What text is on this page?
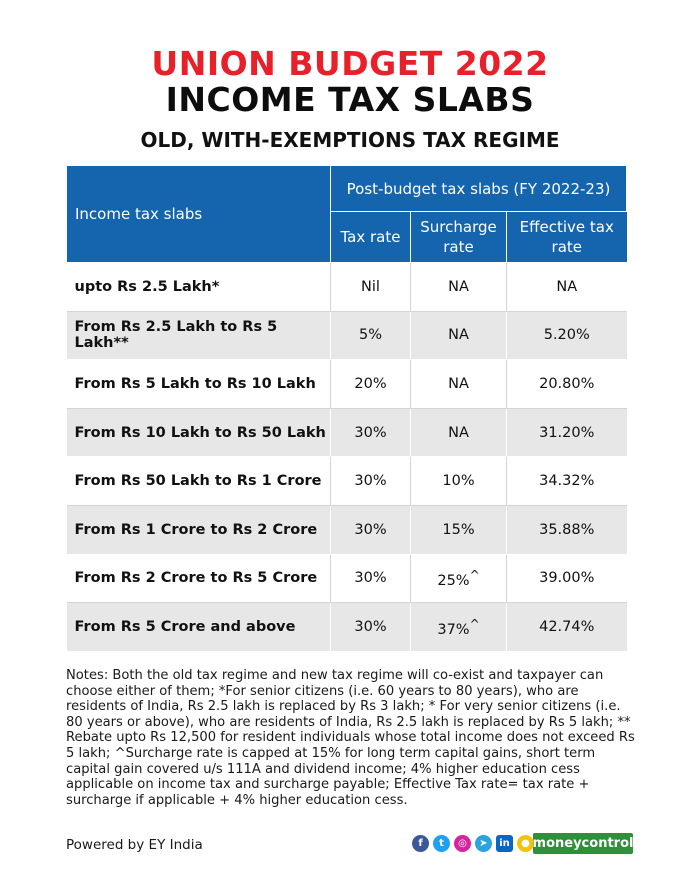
UNION BUDGET 2022
INCOME TAX SLABS
OLD, WITH-EXEMPTIONS TAX REGIME
Income tax slabs	Post-budget tax slabs (FY 2022-23)		
	Tax rate	Surcharge rate	Effective tax rate
upto Rs 2.5 Lakh*	Nil	NA	NA
From Rs 2.5 Lakh to Rs 5 Lakh**	5%	NA	5.20%
From Rs 5 Lakh to Rs 10 Lakh	20%	NA	20.80%
From Rs 10 Lakh to Rs 50 Lakh	30%	NA	31.20%
From Rs 50 Lakh to Rs 1 Crore	30%	10%	34.32%
From Rs 1 Crore to Rs 2 Crore	30%	15%	35.88%
From Rs 2 Crore to Rs 5 Crore	30%	25%^	39.00%
From Rs 5 Crore and above	30%	37%^	42.74%
Notes: Both the old tax regime and new tax regime will co-exist and taxpayer can choose either of them; *For senior citizens (i.e. 60 years to 80 years), who are residents of India, Rs 2.5 lakh is replaced by Rs 3 lakh; * For very senior citizens (i.e. 80 years or above), who are residents of India, Rs 2.5 lakh is replaced by Rs 5 lakh; ** Rebate upto Rs 12,500 for resident individuals whose total income does not exceed Rs 5 lakh; ^Surcharge rate is capped at 15% for long term capital gains, short term capital gain covered u/s 111A and dividend income; 4% higher education cess applicable on income tax and surcharge payable; Effective Tax rate= tax rate + surcharge if applicable + 4% higher education cess.
Powered by EY India	f	t	◎	➤	in	● moneycontrol
